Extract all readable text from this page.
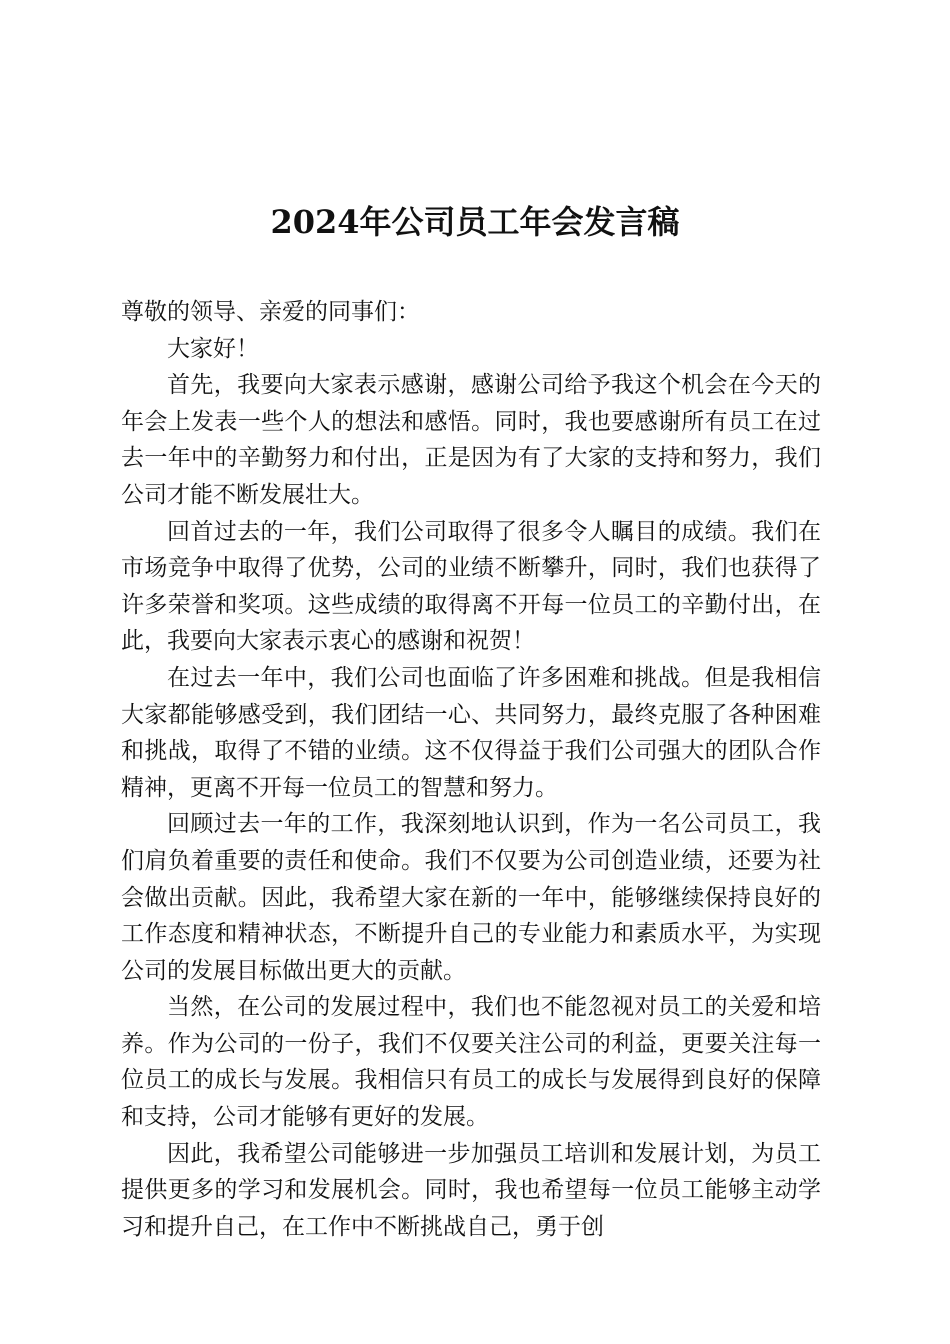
2024年公司员工年会发言稿

尊敬的领导、亲爱的同事们：

大家好！

首先，我要向大家表示感谢，感谢公司给予我这个机会在今天的年会上发表一些个人的想法和感悟。同时，我也要感谢所有员工在过去一年中的辛勤努力和付出，正是因为有了大家的支持和努力，我们公司才能不断发展壮大。

回首过去的一年，我们公司取得了很多令人瞩目的成绩。我们在市场竞争中取得了优势，公司的业绩不断攀升，同时，我们也获得了许多荣誉和奖项。这些成绩的取得离不开每一位员工的辛勤付出，在此，我要向大家表示衷心的感谢和祝贺！

在过去一年中，我们公司也面临了许多困难和挑战。但是我相信大家都能够感受到，我们团结一心、共同努力，最终克服了各种困难和挑战，取得了不错的业绩。这不仅得益于我们公司强大的团队合作精神，更离不开每一位员工的智慧和努力。

回顾过去一年的工作，我深刻地认识到，作为一名公司员工，我们肩负着重要的责任和使命。我们不仅要为公司创造业绩，还要为社会做出贡献。因此，我希望大家在新的一年中，能够继续保持良好的工作态度和精神状态，不断提升自己的专业能力和素质水平，为实现公司的发展目标做出更大的贡献。

当然，在公司的发展过程中，我们也不能忽视对员工的关爱和培养。作为公司的一份子，我们不仅要关注公司的利益，更要关注每一位员工的成长与发展。我相信只有员工的成长与发展得到良好的保障和支持，公司才能够有更好的发展。

因此，我希望公司能够进一步加强员工培训和发展计划，为员工提供更多的学习和发展机会。同时，我也希望每一位员工能够主动学习和提升自己，在工作中不断挑战自己，勇于创
